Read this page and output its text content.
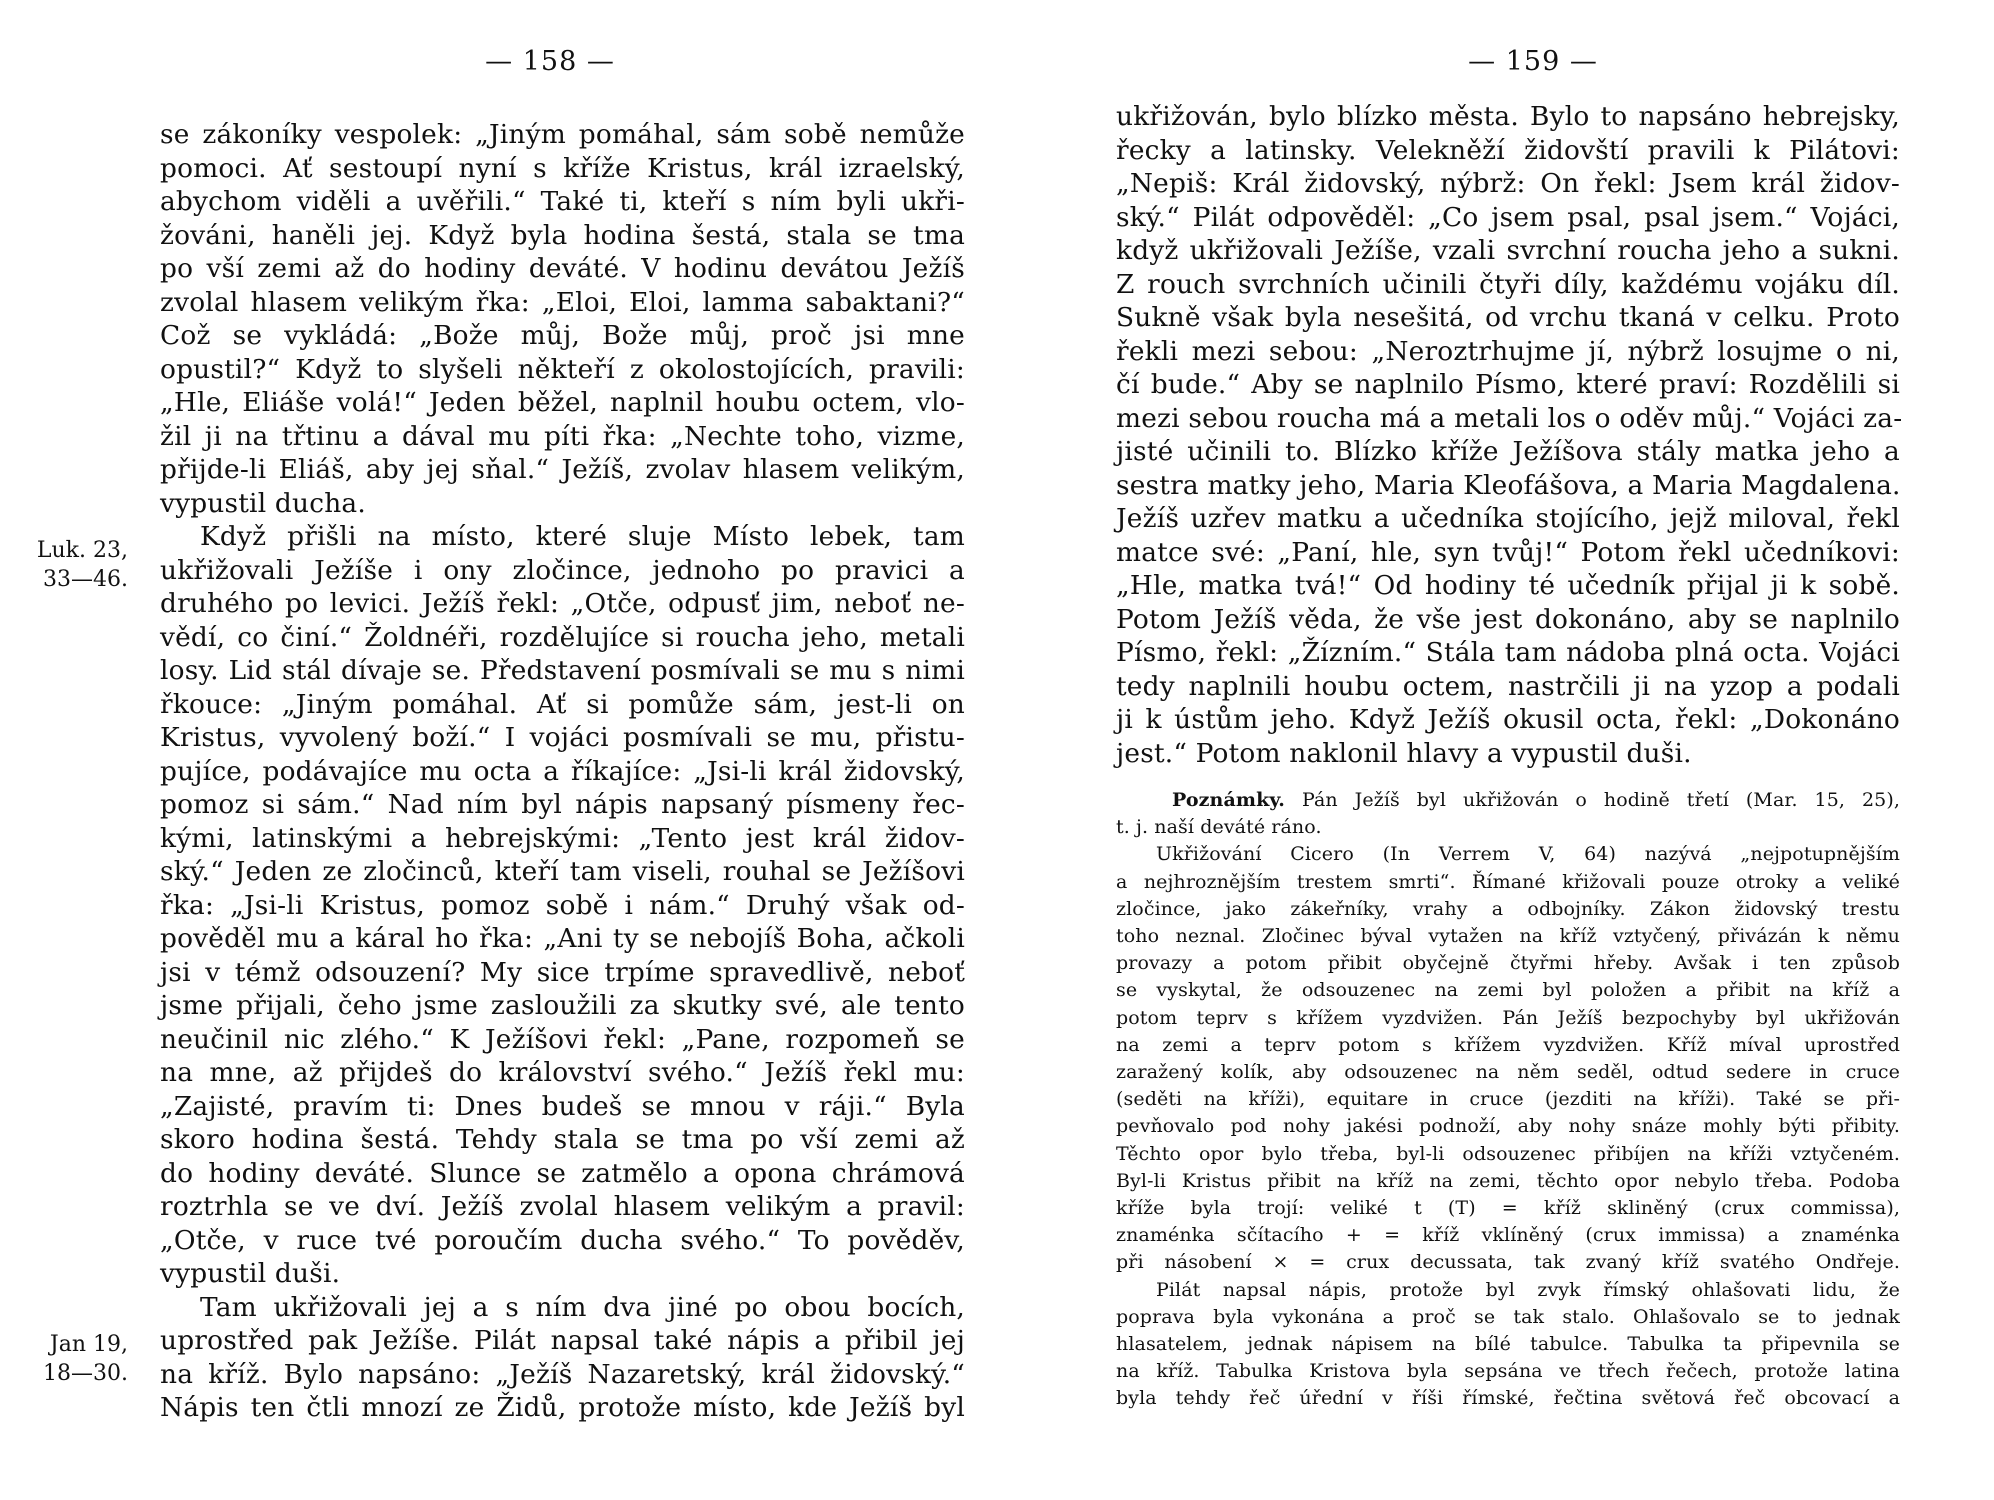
— 158 —

Luk. 23,
33—46.

Jan 19,
18—30.

se zákoníky vespolek: „Jiným pomáhal, sám sobě nemůže
pomoci. Ať sestoupí nyní s kříže Kristus, král izraelský,
abychom viděli a uvěřili.“ Také ti, kteří s ním byli ukři-
žováni, haněli jej. Když byla hodina šestá, stala se tma
po vší zemi až do hodiny deváté. V hodinu devátou Ježíš
zvolal hlasem velikým řka: „Eloi, Eloi, lamma sabaktani?“
Což se vykládá: „Bože můj, Bože můj, proč jsi mne
opustil?“ Když to slyšeli někteří z okolostojících, pravili:
„Hle, Eliáše volá!“ Jeden běžel, naplnil houbu octem, vlo-
žil ji na třtinu a dával mu píti řka: „Nechte toho, vizme,
přijde-li Eliáš, aby jej sňal.“ Ježíš, zvolav hlasem velikým,
vypustil ducha.
Když přišli na místo, které sluje Místo lebek, tam
ukřižovali Ježíše i ony zločince, jednoho po pravici a
druhého po levici. Ježíš řekl: „Otče, odpusť jim, neboť ne-
vědí, co činí.“ Žoldnéři, rozdělujíce si roucha jeho, metali
losy. Lid stál dívaje se. Představení posmívali se mu s nimi
řkouce: „Jiným pomáhal. Ať si pomůže sám, jest-li on
Kristus, vyvolený boží.“ I vojáci posmívali se mu, přistu-
pujíce, podávajíce mu octa a říkajíce: „Jsi-li král židovský,
pomoz si sám.“ Nad ním byl nápis napsaný písmeny řec-
kými, latinskými a hebrejskými: „Tento jest král židov-
ský.“ Jeden ze zločinců, kteří tam viseli, rouhal se Ježíšovi
řka: „Jsi-li Kristus, pomoz sobě i nám.“ Druhý však od-
pověděl mu a káral ho řka: „Ani ty se nebojíš Boha, ačkoli
jsi v témž odsouzení? My sice trpíme spravedlivě, neboť
jsme přijali, čeho jsme zasloužili za skutky své, ale tento
neučinil nic zlého.“ K Ježíšovi řekl: „Pane, rozpomeň se
na mne, až přijdeš do království svého.“ Ježíš řekl mu:
„Zajisté, pravím ti: Dnes budeš se mnou v ráji.“ Byla
skoro hodina šestá. Tehdy stala se tma po vší zemi až
do hodiny deváté. Slunce se zatmělo a opona chrámová
roztrhla se ve dví. Ježíš zvolal hlasem velikým a pravil:
„Otče, v ruce tvé poroučím ducha svého.“ To pověděv,
vypustil duši.
Tam ukřižovali jej a s ním dva jiné po obou bocích,
uprostřed pak Ježíše. Pilát napsal také nápis a přibil jej
na kříž. Bylo napsáno: „Ježíš Nazaretský, král židovský.“
Nápis ten čtli mnozí ze Židů, protože místo, kde Ježíš byl

— 159 —

ukřižován, bylo blízko města. Bylo to napsáno hebrejsky,
řecky a latinsky. Velekněží židovští pravili k Pilátovi:
„Nepiš: Král židovský, nýbrž: On řekl: Jsem král židov-
ský.“ Pilát odpověděl: „Co jsem psal, psal jsem.“ Vojáci,
když ukřižovali Ježíše, vzali svrchní roucha jeho a sukni.
Z rouch svrchních učinili čtyři díly, každému vojáku díl.
Sukně však byla nesešitá, od vrchu tkaná v celku. Proto
řekli mezi sebou: „Neroztrhujme jí, nýbrž losujme o ni,
čí bude.“ Aby se naplnilo Písmo, které praví: Rozdělili si
mezi sebou roucha má a metali los o oděv můj.“ Vojáci za-
jisté učinili to. Blízko kříže Ježíšova stály matka jeho a
sestra matky jeho, Maria Kleofášova, a Maria Magdalena.
Ježíš uzřev matku a učedníka stojícího, jejž miloval, řekl
matce své: „Paní, hle, syn tvůj!“ Potom řekl učedníkovi:
„Hle, matka tvá!“ Od hodiny té učedník přijal ji k sobě.
Potom Ježíš věda, že vše jest dokonáno, aby se naplnilo
Písmo, řekl: „Žízním.“ Stála tam nádoba plná octa. Vojáci
tedy naplnili houbu octem, nastrčili ji na yzop a podali
ji k ústům jeho. Když Ježíš okusil octa, řekl: „Dokonáno
jest.“ Potom naklonil hlavy a vypustil duši.
Poznámky. Pán Ježíš byl ukřižován o hodině třetí (Mar. 15, 25),
t. j. naší deváté ráno.
Ukřižování Cicero (In Verrem V, 64) nazývá „nejpotupnějším
a nejhroznějším trestem smrti“. Římané křižovali pouze otroky a veliké
zločince, jako zákeřníky, vrahy a odbojníky. Zákon židovský trestu
toho neznal. Zločinec býval vytažen na kříž vztyčený, přivázán k němu
provazy a potom přibit obyčejně čtyřmi hřeby. Avšak i ten způsob
se vyskytal, že odsouzenec na zemi byl položen a přibit na kříž a
potom teprv s křížem vyzdvižen. Pán Ježíš bezpochyby byl ukřižován
na zemi a teprv potom s křížem vyzdvižen. Kříž míval uprostřed
zaražený kolík, aby odsouzenec na něm seděl, odtud sedere in cruce
(seděti na kříži), equitare in cruce (jezditi na kříži). Také se při-
pevňovalo pod nohy jakési podnoží, aby nohy snáze mohly býti přibity.
Těchto opor bylo třeba, byl-li odsouzenec přibíjen na kříži vztyčeném.
Byl-li Kristus přibit na kříž na zemi, těchto opor nebylo třeba. Podoba
kříže byla trojí: veliké t (T) = kříž skliněný (crux commissa),
znaménka sčítacího + = kříž vklíněný (crux immissa) a znaménka
při násobení × = crux decussata, tak zvaný kříž svatého Ondřeje.
Pilát napsal nápis, protože byl zvyk římský ohlašovati lidu, že
poprava byla vykonána a proč se tak stalo. Ohlašovalo se to jednak
hlasatelem, jednak nápisem na bílé tabulce. Tabulka ta připevnila se
na kříž. Tabulka Kristova byla sepsána ve třech řečech, protože latina
byla tehdy řeč úřední v říši římské, řečtina světová řeč obcovací a
